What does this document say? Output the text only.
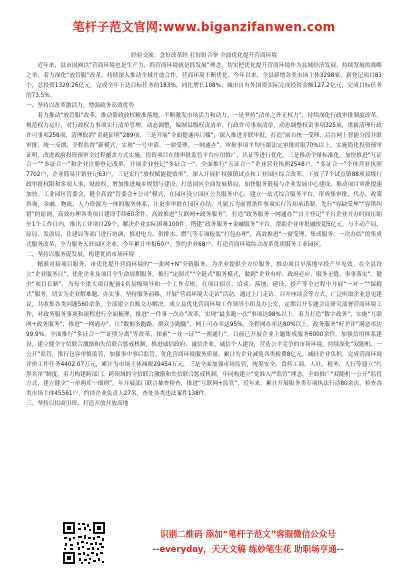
笔杆子范文官网:www.biganzifanwen.com
经验交流：念好改革经 打好组合拳 全面优化提升营商环境

近年来，县市国网以“营商环境也是生产力，抓营商环境就是抓发展”理念，切实把优化提升营商环境作为县域经济发展、持续发展的战略之举，着力深化“放管服”改革，持续深入推动全域开放合作，营商环境不断优化。今年以来，全县新增各类市场主体3298家，新登记项目81个，总投资1329.26亿元，完成全年下达目标任务的183%，同比增长108%；城市自有外国资实际完成投资金额127.2亿元，完成目标任务的73.5%。

一、坚持以改革激活力，增强政务高效优势

着力推动“放管服”改革，推动简政放权精准落地，不断激发市场活力和动力。一是坚持“清单之外无权力”，持续深化行政审批制度改革，规范权力运行，对行政权力事项实行清单管理，动态调整，编制县级权责清单，行政许可事项清单，动态调整权责事项325项，重新清理行政许可事项258项，清理取消“奇葩证明”289项，三是开展“全面提速再门槛”，深入推进并联审批，打造“前台统一受理、后台网上智能分段并联审批、统一反馈、全程监督”新模式，实现“一号申请、一窗受理、一网通办”，审批事项平均压缩法定审批时限70%以上，实施简化投资预审证明，改进政府投资预审全过程覆盖方式实施，投资项目在线审批监管平台应用推广，认证等进行优化。三是推动全量标准化，加快推进“互证合一”“多证合一”和企业注册登记改革，开展企业登记“多证合一”，全面推行“五证合一”企业营业执照2548户，“多证合一”个体营业执照7702户，企业简易注销登记63户，三是实行“放权赋能提效率”，深入开展扩权强镇试点和工业园区综合改革，下放了7个试点镇88项县级行政审批权限和多项人事、财政权，增加推进城乡规划与建设，打造园区全面发展格局，加快服务链接与企业发展中心建设，推动项目审批提速加快。工业园区管委会，健全高效“管委会+公司”模式，在园区设立园区公共服务中心，建立一站式综合服务平台，形成集审批、代办、政策咨询、金融、物流、人力资源为一体的服务体系，让更多审批在园区办结。凡属五为前置条件事项实行告知承诺制，先行“容缺受理”“容错纠错”的原则，高效办理各类项目建设手续60余件。高效推进“互联网+政务服务”，打造“政务服务一网通办”“自主登记”平台企业开办时间压缩至1个工作日内，推出工业项目29个，解决企业实际困难100件，搭建“政务服务+金融服务”平台，帮助企业审批融资超5亿元。与不动产局、原局、发改局、住建局等部门进行协调，推进电力、供排水、燃气等专项报装“打包办理”，高效推进“一窗受理、集成服务、一次办结”的集成式服务改革，全力服务入驻园区企业，今年累计申报60户、签约企业68户，打造营商环境综合改革优质服务工业园区。

二、坚持以服务促发展，构建优质市场环境

精准对接项目服务，市优化提升营商环境的“一张网+N”全链服务，为企业提供全方位服务，推动项目早落地早投产早见效。在全县设立“企业服务日”，优化企业及项目全生命周期服务，推行“定制式”“全链式”服务模式，做到“企业有呼、政府必应，服务无缝、事事落实”。健全“项目长制”，为每个重大项目配备1名县级领导和一个工作专班，在项目招引、洽谈、落地、建设、投产等全过程中开展“一对一”“保姆式”服务，切实为企业解难题、办实事。坚持服务前移，开展“营商环境大走访”活动，通过上门走访、召开座谈会等方式，广泛听取企业意见建议，共收集各类问题560余条，全部建立台账交办解决。成立县优化营商环境工作领导小组及办公室，定期召开专题会议研究部署营商环境工作，对政务服务事项和流程进行全面梳理，推进“一件事一次办”改革，实现“最多跑一次”事项达98%以上。着力打造“数字政务”，实施“互联网+政务服务”，推进“一网通办”，让“数据多跑路，群众少跑腿”，网上可办率达95%，全程网办率达80%以上，政务服务“好差评”满意率达99.9%。全面推行“多证合一”“证照分离”等改革，探索“一业一证”“一照通行”，目前已开展企业主题集成服务6000余件。加强信用体系建设，建立健全守信联合激励和失信联合惩戒机制，推进诚信政府、诚信企业、诚信个人建设，营造公平竞争的市场环境，持续深化“双随机、一公开”监管，推行包容审慎监管，加强事中事后监管，优化营商环境服务质量。累计为企业减免各类税费8亿元，减轻企业负担，完成营商环境评价工作任务4402.07万元，累计为市场主体减税29454万元，三是全面加强市场监管，统筹安全、食药工商、人社、税务、人行等建立“红黑名单”制度，着力构建跨部门、跨领域的守信联合激励和失信联合惩戒机制，年同构建立“宽准入严监管”理念，全面推广“双随机一公开”监管方式，建立健全“一单两库一细则”，年开展部门联合抽查检查，推进“互联网+监管”，近年来，累计开展服务类专项执法行动80余次，检查各类市场主体45561户，约谈企业负责人27名，查处各类违法案件138件。

三、坚持以招商引资，打造开放开放高地
识别二维码 添加“笔杆子范文”客服微信公众号
--everyday，天天文稿 练妙笔生花 助职场亨通--
